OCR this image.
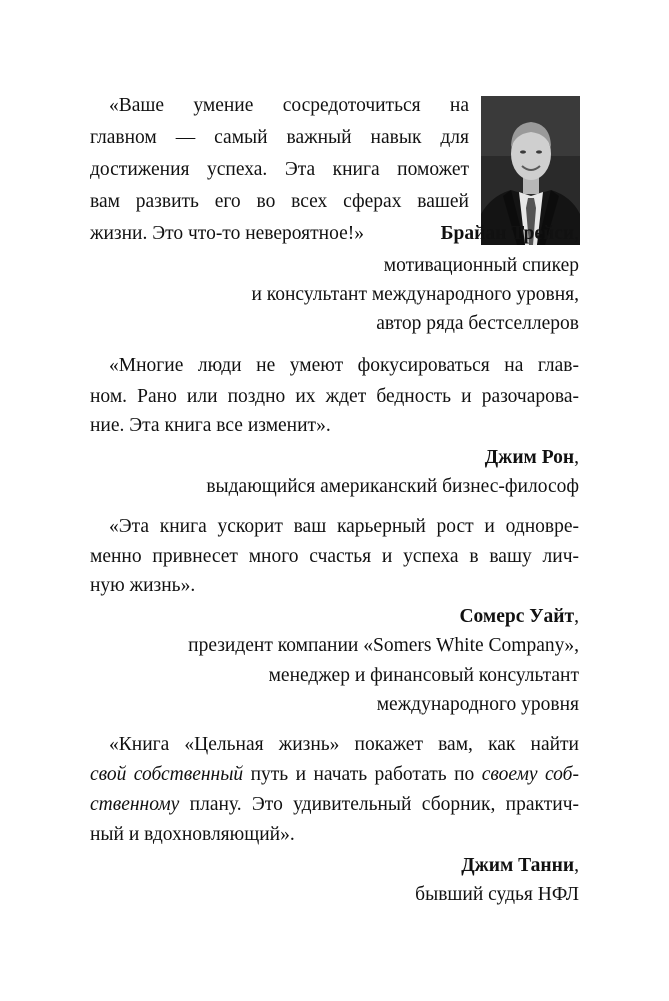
«Ваше умение сосредоточиться на
главном — самый важный навык для
достижения успеха. Эта книга поможет
вам развить его во всех сферах вашей
жизни. Это что-то невероятное!»	Брайан Трейси,
мотивационный спикер
и консультант международного уровня,
автор ряда бестселлеров
«Многие люди не умеют фокусироваться на глав-
ном. Рано или поздно их ждет бедность и разочарова-
ние. Эта книга все изменит».
Джим Рон,
выдающийся американский бизнес-философ
«Эта книга ускорит ваш карьерный рост и одновре-
менно привнесет много счастья и успеха в вашу лич-
ную жизнь».
Сомерс Уайт,
президент компании «Somers White Company»,
менеджер и финансовый консультант
международного уровня
«Книга «Цельная жизнь» покажет вам, как найти
свой собственный путь и начать работать по своему соб-
ственному плану. Это удивительный сборник, практич-
ный и вдохновляющий».
Джим Танни,
бывший судья НФЛ
